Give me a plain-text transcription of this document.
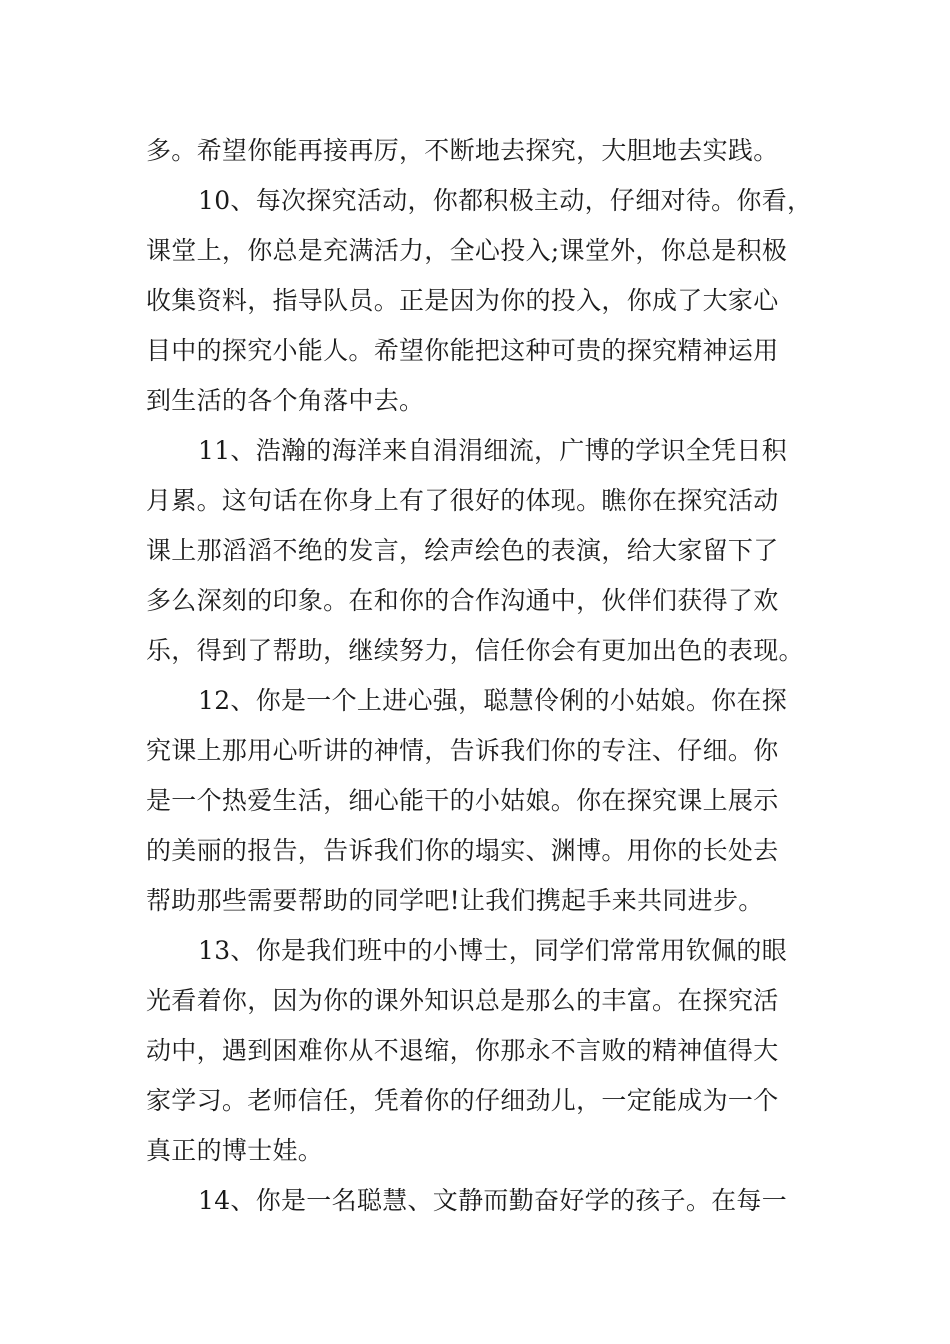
多。希望你能再接再厉，不断地去探究，大胆地去实践。
10、每次探究活动，你都积极主动，仔细对待。你看，
课堂上，你总是充满活力，全心投入;课堂外，你总是积极
收集资料，指导队员。正是因为你的投入，你成了大家心
目中的探究小能人。希望你能把这种可贵的探究精神运用
到生活的各个角落中去。
11、浩瀚的海洋来自涓涓细流，广博的学识全凭日积
月累。这句话在你身上有了很好的体现。瞧你在探究活动
课上那滔滔不绝的发言，绘声绘色的表演，给大家留下了
多么深刻的印象。在和你的合作沟通中，伙伴们获得了欢
乐，得到了帮助，继续努力，信任你会有更加出色的表现。
12、你是一个上进心强，聪慧伶俐的小姑娘。你在探
究课上那用心听讲的神情，告诉我们你的专注、仔细。你
是一个热爱生活，细心能干的小姑娘。你在探究课上展示
的美丽的报告，告诉我们你的塌实、渊博。用你的长处去
帮助那些需要帮助的同学吧!让我们携起手来共同进步。
13、你是我们班中的小博士，同学们常常用钦佩的眼
光看着你，因为你的课外知识总是那么的丰富。在探究活
动中，遇到困难你从不退缩，你那永不言败的精神值得大
家学习。老师信任，凭着你的仔细劲儿，一定能成为一个
真正的博士娃。
14、你是一名聪慧、文静而勤奋好学的孩子。在每一
